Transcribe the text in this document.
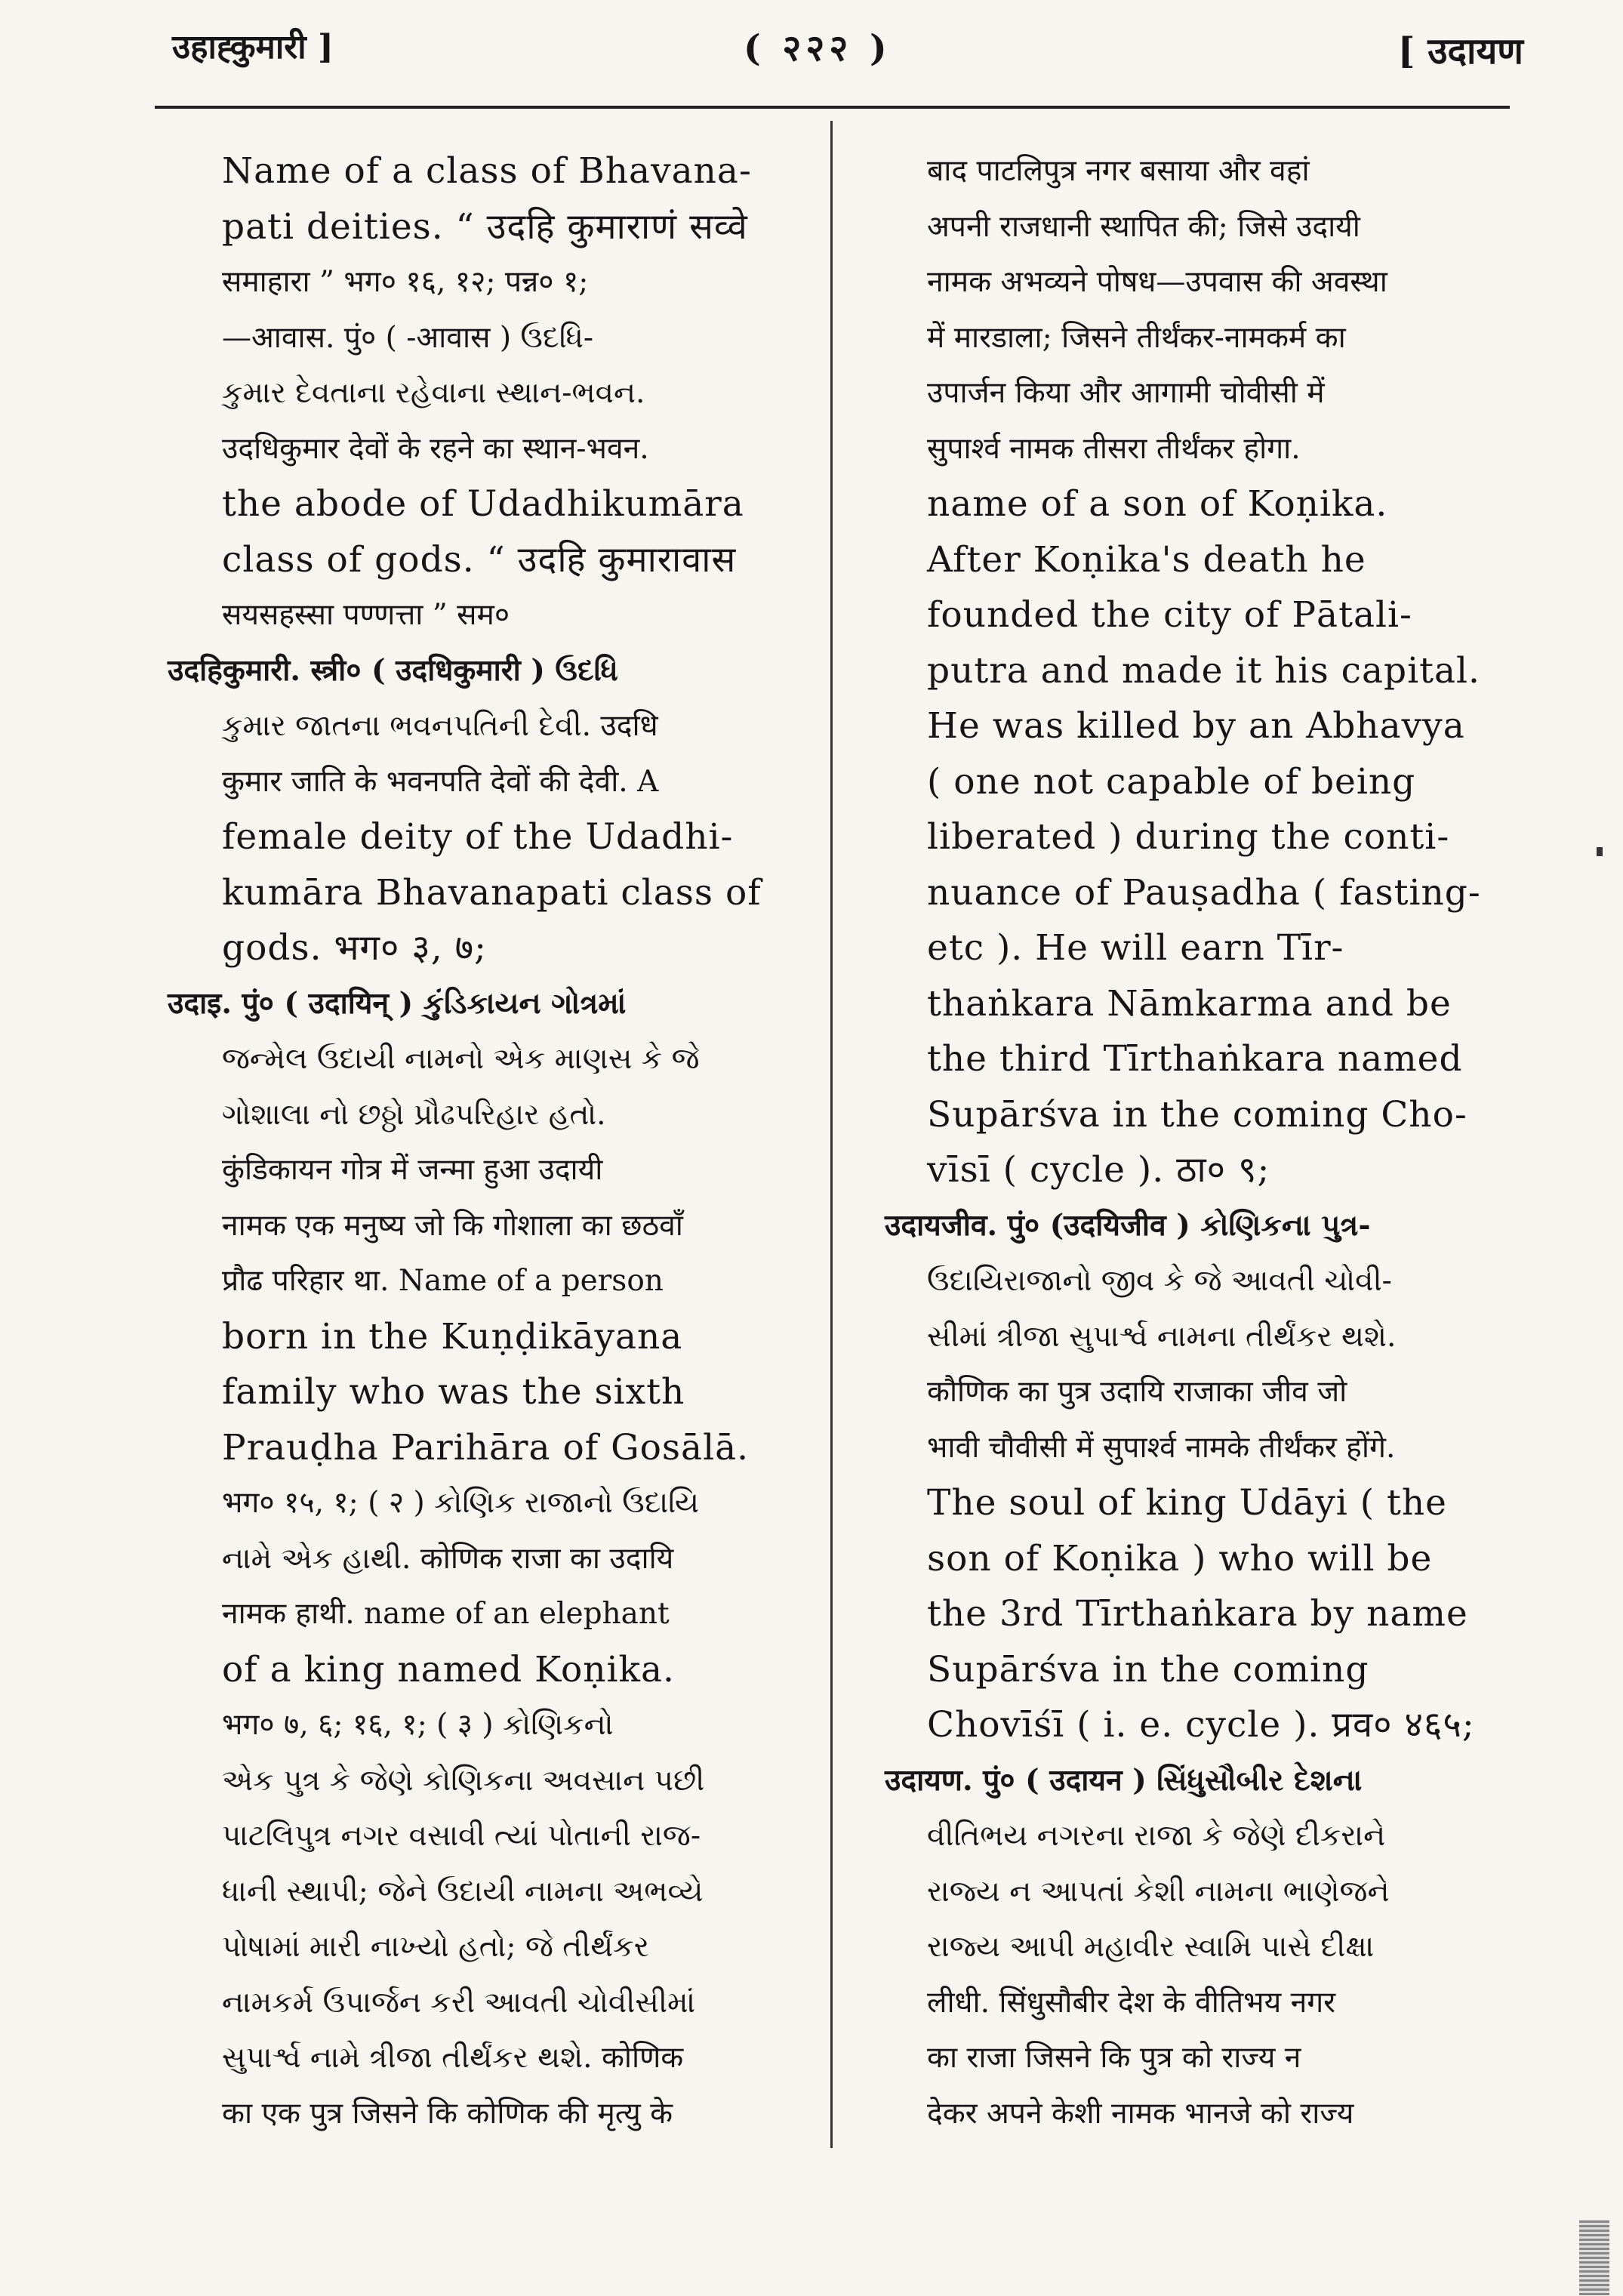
उहाह्कुमारी ]	( २२२ )	[ उदायण
Name of a class of Bhavana-
pati deities. “ उदहि कुमाराणं सव्वे
समाहारा ” भग० १६, १२; पन्न० १;
—आवास. पुं० ( -आवास ) ઉદધિ-
કુમાર દેવતાના રહેવાના સ્થાન-ભવન.
उदधिकुमार देवों के रहने का स्थान-भवन.
the abode of Udadhikumāra
class of gods. “ उदहि कुमारावास
सयसहस्सा पण्णत्ता ” सम०
उदहिकुमारी. स्त्री० ( उदधिकुमारी ) ઉદધિ
કુમાર જાતના ભવનપતિની દેવી. उदधि
कुमार जाति के भवनपति देवों की देवी. A
female deity of the Udadhi-
kumāra Bhavanapati class of
gods. भग० ३, ७;
उदाइ. पुं० ( उदायिन् ) કુંડિકાયન ગોત્રમાં
જન્મેલ ઉદાયી નામનો એક માણસ કે જે
ગોશાલા નો છઠ્ઠો પ્રૌઢપરિહાર હતો.
कुंडिकायन गोत्र में जन्मा हुआ उदायी
नामक एक मनुष्य जो कि गोशाला का छठवाँ
प्रौढ परिहार था. Name of a person
born in the Kuṇḍikāyana
family who was the sixth
Prauḍha Parihāra of Gosālā.
भग० १५, १; ( २ ) કોણિક રાજાનો ઉદાયિ
નામે એક હાથી. कोणिक राजा का उदायि
नामक हाथी. name of an elephant
of a king named Koṇika.
भग० ७, ६; १६, १; ( ३ ) કોણિકનો
એક પુત્ર કે જેણે કોણિકના અવસાન પછી
પાટલિપુત્ર નગર વસાવી ત્યાં પોતાની રાજ-
ધાની સ્થાપી; જેને ઉદાયી નામના અભવ્યે
પોષામાં મારી નાખ્યો હતો; જે તીર્થંકર
નામકર્મ ઉપાર્જન કરી આવતી ચોવીસીમાં
સુપાર્શ્વ નામે ત્રીજા તીર્થંકર થશે. कोणिक
का एक पुत्र जिसने कि कोणिक की मृत्यु के
बाद पाटलिपुत्र नगर बसाया और वहां
अपनी राजधानी स्थापित की; जिसे उदायी
नामक अभव्यने पोषध—उपवास की अवस्था
में मारडाला; जिसने तीर्थंकर-नामकर्म का
उपार्जन किया और आगामी चोवीसी में
सुपार्श्व नामक तीसरा तीर्थंकर होगा.
name of a son of Koṇika.
After Koṇika's death he
founded the city of Pātali-
putra and made it his capital.
He was killed by an Abhavya
( one not capable of being
liberated ) during the conti-
nuance of Pauṣadha ( fasting-
etc ). He will earn Tīr-
thaṅkara Nāmkarma and be
the third Tīrthaṅkara named
Supārśva in the coming Cho-
vīsī ( cycle ). ठा० ९;
उदायजीव. पुं० (उदयिजीव ) કોણિકના પુત્ર-
ઉદાયિરાજાનો જીવ કે જે આવતી ચોવી-
સીમાં ત્રીજા સુપાર્શ્વ નામના તીર્થંકર થશે.
कौणिक का पुत्र उदायि राजाका जीव जो
भावी चौवीसी में सुपार्श्व नामके तीर्थंकर होंगे.
The soul of king Udāyi ( the
son of Koṇika ) who will be
the 3rd Tīrthaṅkara by name
Supārśva in the coming
Chovīśī ( i. e. cycle ). प्रव० ४६५;
उदायण. पुं० ( उदायन ) સિંધુસૌબીર દેશના
વીતિભય નગરના રાજા કે જેણે દીકરાને
રાજ્ય ન આપતાં કેશી નામના ભાણેજને
રાજ્ય આપી મહાવીર સ્વામિ પાસે દીક્ષા
लीधी. सिंधुसौबीर देश के वीतिभय नगर
का राजा जिसने कि पुत्र को राज्य न
देकर अपने केशी नामक भानजे को राज्य
